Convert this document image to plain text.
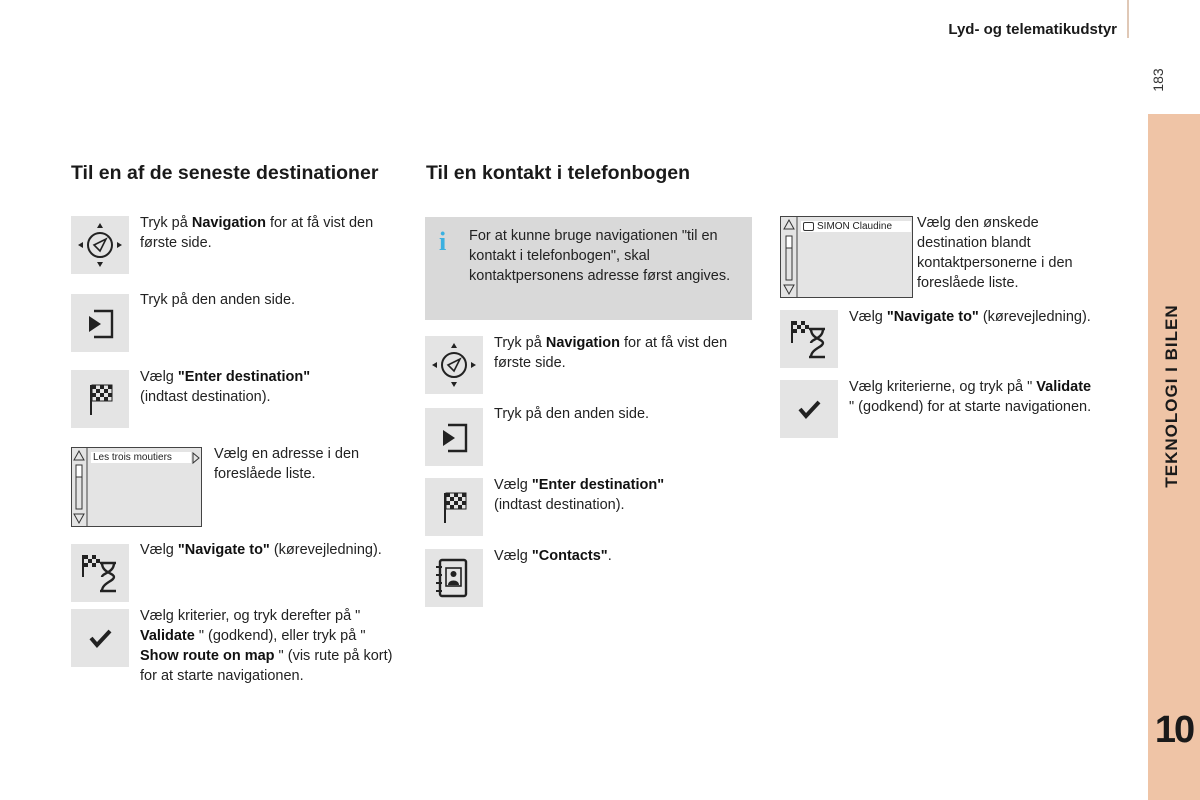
Lyd- og telematikudstyr
183
TEKNOLOGI I BILEN
10
Til en af de seneste destinationer
Tryk på Navigation for at få vist den første side.
Tryk på den anden side.
Vælg "Enter destination"
(indtast destination).
Les trois moutiers	Vælg en adresse i den foreslåede liste.
Vælg "Navigate to" (kørevejledning).
Vælg kriterier, og tryk derefter på " Validate " (godkend), eller tryk på " Show route on map " (vis rute på kort) for at starte navigationen.
Til en kontakt i telefonbogen
i For at kunne bruge navigationen "til en kontakt i telefonbogen", skal kontaktpersonens adresse først angives.
Tryk på Navigation for at få vist den første side.
Tryk på den anden side.
Vælg "Enter destination"
(indtast destination).
Vælg "Contacts".
SIMON Claudine	Vælg den ønskede destination blandt kontaktpersonerne i den foreslåede liste.
Vælg "Navigate to" (kørevejledning).
Vælg kriterierne, og tryk på " Validate " (godkend) for at starte navigationen.
